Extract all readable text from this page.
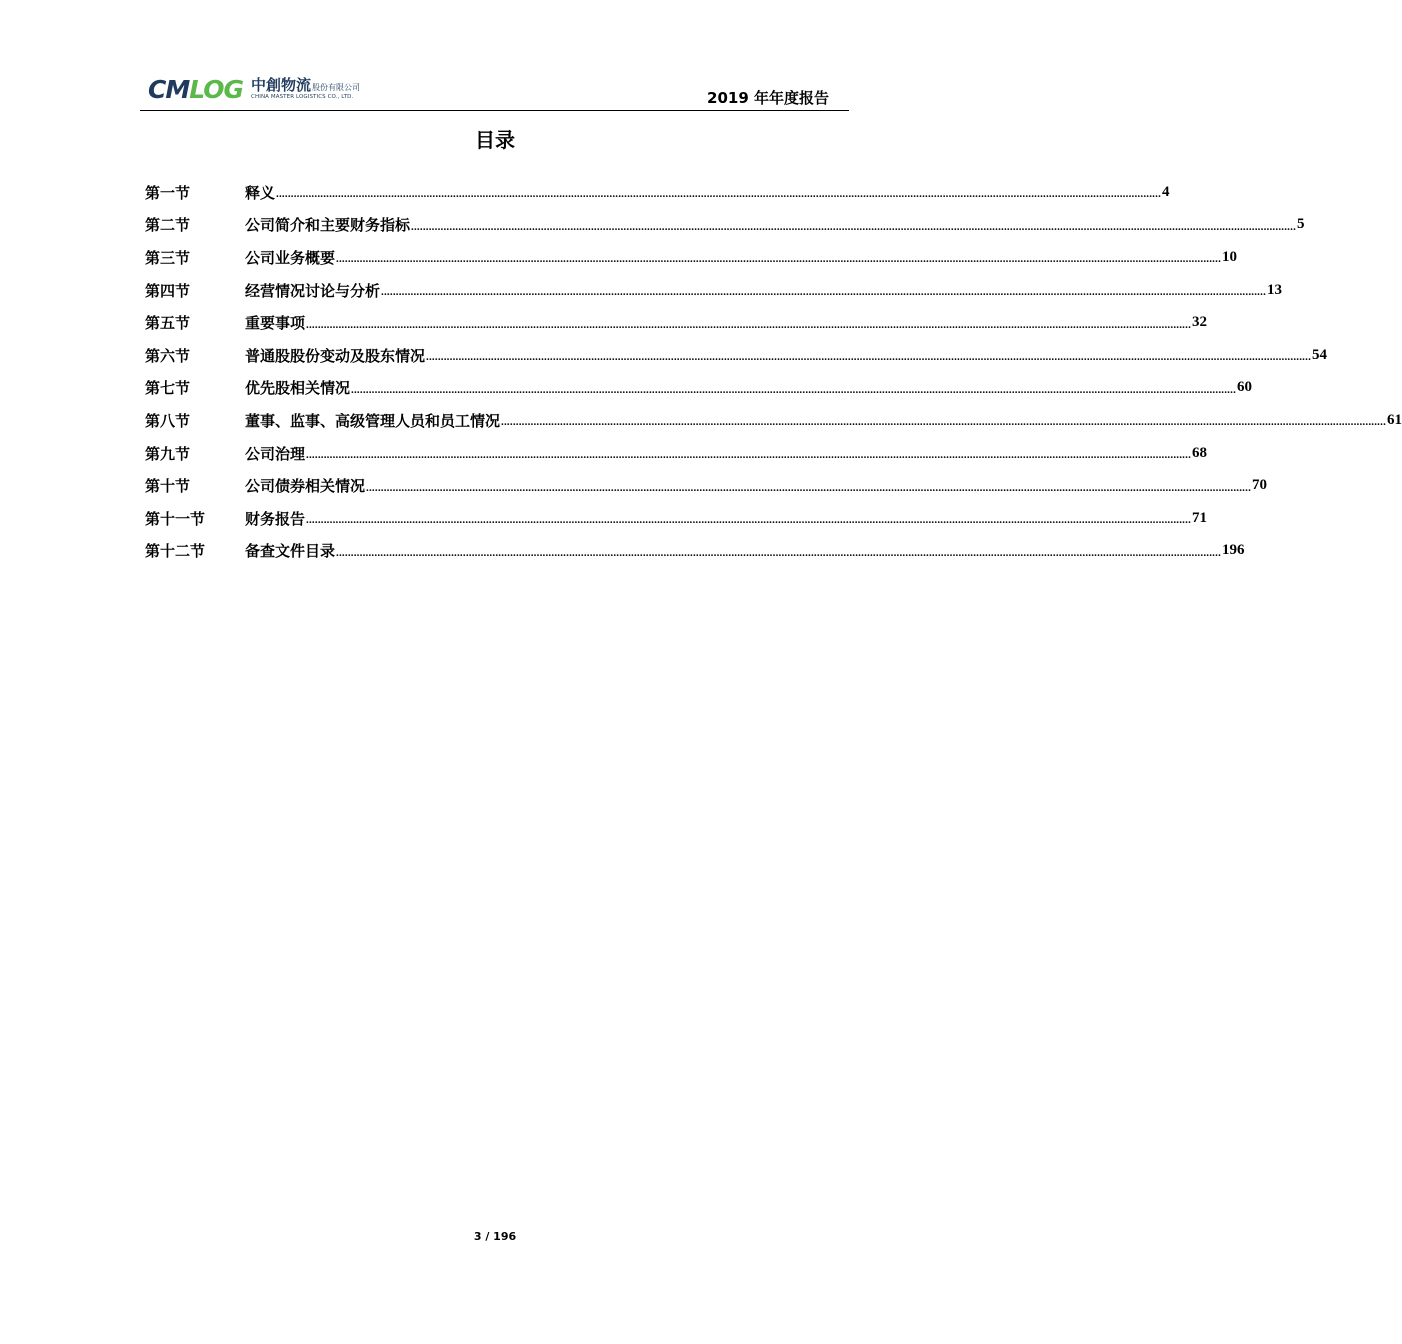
CM LOG 中創物流 股份有限公司
CHINA MASTER LOGISTICS CO., LTD.	2019 年年度报告
目录
第一节	释义 ............................................................................................................................................................................................................................................................................................................ 4
第二节	公司简介和主要财务指标 ............................................................................................................................................................................................................................................................................................................ 5
第三节	公司业务概要 ............................................................................................................................................................................................................................................................................................................ 10
第四节	经营情况讨论与分析 ............................................................................................................................................................................................................................................................................................................ 13
第五节	重要事项 ............................................................................................................................................................................................................................................................................................................ 32
第六节	普通股股份变动及股东情况 ............................................................................................................................................................................................................................................................................................................ 54
第七节	优先股相关情况 ............................................................................................................................................................................................................................................................................................................ 60
第八节	董事、监事、高级管理人员和员工情况 ............................................................................................................................................................................................................................................................................................................ 61
第九节	公司治理 ............................................................................................................................................................................................................................................................................................................ 68
第十节	公司债券相关情况 ............................................................................................................................................................................................................................................................................................................ 70
第十一节	财务报告 ............................................................................................................................................................................................................................................................................................................ 71
第十二节	备查文件目录 ............................................................................................................................................................................................................................................................................................................ 196
3 / 196
